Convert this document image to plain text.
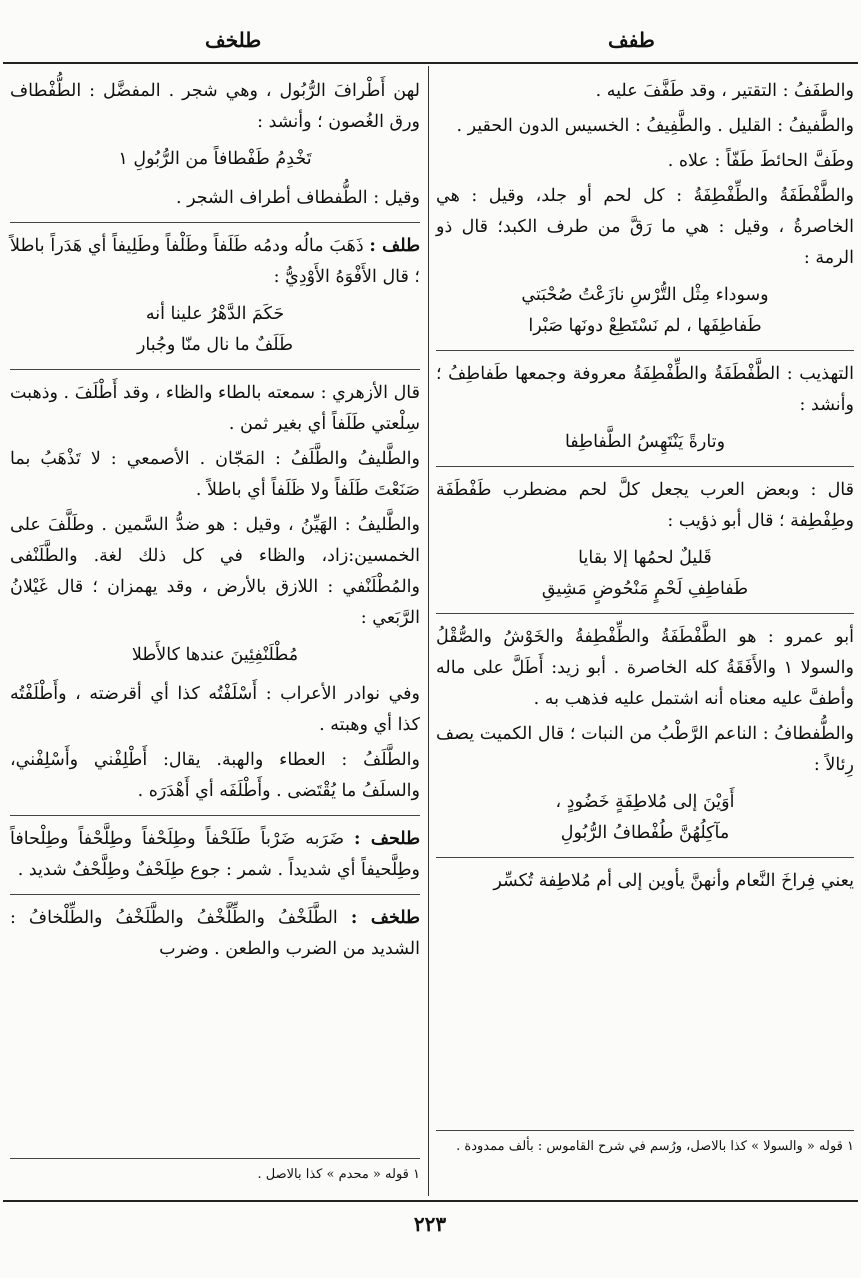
طفف
طلخف

والطفَفُ : التقتير ، وقد طَفَّفَ عليه .

والطَّفيفُ : القليل . والطَّفِيفُ : الخسيس الدون الحقير .

وطَفَّ الحائطَ طَفّاً : علاه .

والطَّفْطَفَةُ والطِّفْطِفَةُ : كل لحم أو جلد، وقيل : هي الخاصرةُ ، وقيل : هي ما رَقَّ من طرف الكبد؛ قال ذو الرمة :

وسوداء مِثْل التُّرْسِ نازَعْتُ صُحْبَتي
طَفاطِفَها ، لم نَسْتَطِعْ دونَها صَبْرا

التهذيب : الطَّفْطَفَةُ والطِّفْطِفَةُ معروفة وجمعها طَفاطِفُ ؛ وأنشد :

وتارةً يَنْتَهِسُ الطَّفاطِفا

قال : وبعض العرب يجعل كلَّ لحم مضطرب طَفْطَفَة وطِفْطِفة ؛ قال أبو ذؤيب :

قَليلٌ لحمُها إلا بقايا
طَفاطِفِ لَحْمٍ مَنْحُوضٍ مَشِيقِ

أبو عمرو : هو الطَّفْطَفَةُ والطِّفْطِفةُ والخَوْشُ والصُّقْلُ والسولا ١ والأَفَقَةُ كله الخاصرة . أبو زيد: أَطَلَّ على ماله وأطفَّ عليه معناه أنه اشتمل عليه فذهب به .

والطُّفطافُ : الناعم الرَّطْبُ من النبات ؛ قال الكميت يصف رِئالاً :

أَوَيْنَ إلى مُلاطِفَةٍ خَضُودٍ ،
مآكِلُهُنَّ طُفْطافُ الرُّبُولِ

يعني فِراخَ النَّعام وأنهنَّ يأوين إلى أم مُلاطِفة تُكسِّر

لهن أَطْرافَ الرُّبُول ، وهي شجر . المفضَّل : الطُّفْطاف ورق الغُصون ؛ وأنشد :

تَخْدِمُ طَفْطافاً من الرُّبُولِ ١

وقيل : الطُّفطاف أطراف الشجر .

طلف : ذَهَبَ مالُه ودمُه طَلَفاً وطَلْفاً وطَلِيفاً أي هَدَراً باطلاً ؛ قال الأَفْوَهُ الأَوْدِيُّ :

حَكَمَ الدَّهْرُ علينا أنه
طَلَفٌ ما نال منّا وجُبار

قال الأزهري : سمعته بالطاء والظاء ، وقد أَطْلَفَ . وذهبت سِلْعتي طَلَفاً أي بغير ثمن .

والطَّليفُ والطَّلَفُ : المَجّان . الأصمعي : لا تَذْهَبُ بما صَنَعْتَ طَلَفاً ولا ظَلَفاً أي باطلاً .

والطَّليفُ : الهَيِّنُ ، وقيل : هو ضدُّ السَّمين . وطَلَّفَ على الخمسين:زاد، والظاء في كل ذلك لغة. والطَّلَنْفى والمُطْلَنْفي : اللازق بالأرض ، وقد يهمزان ؛ قال غَيْلانُ الرَّبَعي :

مُطْلَنْفِئِينَ عندها كالأَطلا

وفي نوادر الأعراب : أَسْلَفْتُه كذا أي أقرضته ، وأَطْلَفْتُه كذا أي وهبته .

والطَّلَفُ : العطاء والهبة. يقال: أَطْلِفْني وأَسْلِفْني، والسلَفُ ما يُقْتَضى . وأَطْلَفَه أي أَهْدَرَه .

طلحف : ضَرَبه ضَرْباً طَلَحْفاً وطِلَحْفاً وطِلَّحْفاً وطِلْحافاً وطِلَّحيفاً أي شديداً . شمر : جوع طِلَحْفٌ وطِلَّحْفٌ شديد .

طلخف : الطَّلَخْفُ والطِّلَّخْفُ والطَّلَخْفُ والطِّلْخافُ : الشديد من الضرب والطعن . وضرب

١ قوله « والسولا » كذا بالاصل، ورُسم في شرح القاموس : بألف ممدودة .
١ قوله « محدم » كذا بالاصل .
٢٢٣
